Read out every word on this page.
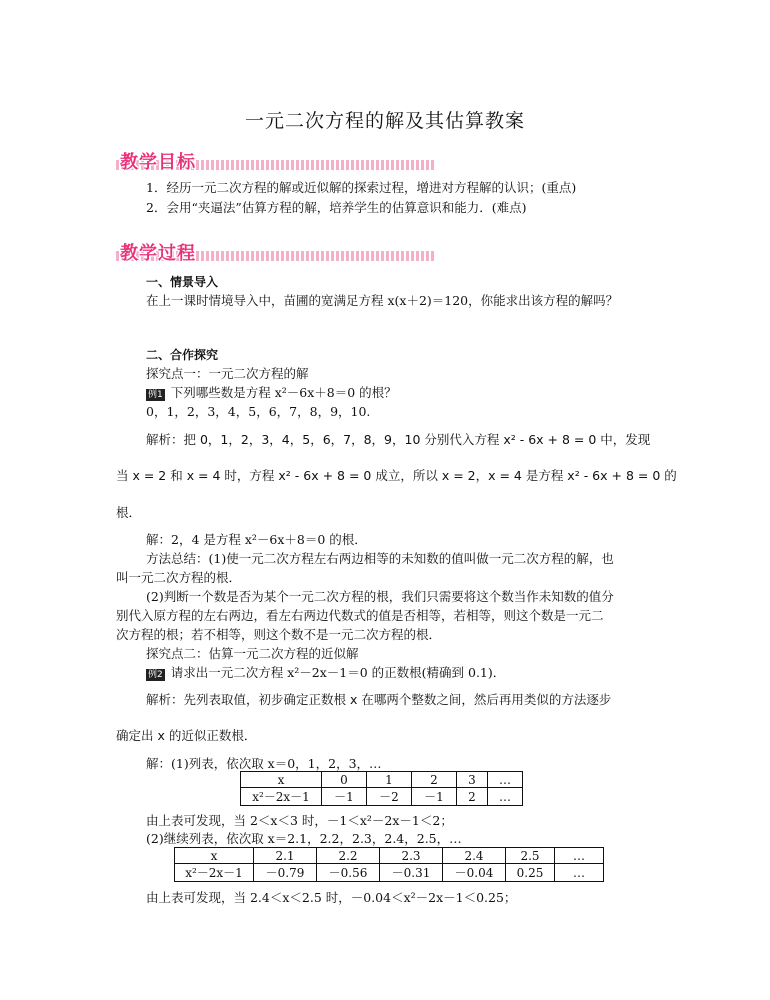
一元二次方程的解及其估算教案
教学目标
1．经历一元二次方程的解或近似解的探索过程，增进对方程解的认识；(重点)
2．会用“夹逼法”估算方程的解，培养学生的估算意识和能力．(难点)
教学过程
一、情景导入
在上一课时情境导入中，苗圃的宽满足方程 x(x＋2)＝120，你能求出该方程的解吗？
二、合作探究
探究点一：一元二次方程的解
例1 下列哪些数是方程 x²－6x＋8＝0 的根？
0，1，2，3，4，5，6，7，8，9，10.
解析：把 0，1，2，3，4，5，6，7，8，9，10 分别代入方程 x² - 6x + 8 = 0 中，发现
当 x = 2 和 x = 4 时，方程 x² - 6x + 8 = 0 成立，所以 x = 2，x = 4 是方程 x² - 6x + 8 = 0 的
根．
解：2，4 是方程 x²－6x＋8＝0 的根．
方法总结：(1)使一元二次方程左右两边相等的未知数的值叫做一元二次方程的解，也
叫一元二次方程的根．
(2)判断一个数是否为某个一元二次方程的根，我们只需要将这个数当作未知数的值分
别代入原方程的左右两边，看左右两边代数式的值是否相等，若相等，则这个数是一元二
次方程的根；若不相等，则这个数不是一元二次方程的根．
探究点二：估算一元二次方程的近似解
例2 请求出一元二次方程 x²－2x－1＝0 的正数根(精确到 0.1)．
解析：先列表取值，初步确定正数根 x 在哪两个整数之间，然后再用类似的方法逐步
确定出 x 的近似正数根．
解：(1)列表，依次取 x＝0，1，2，3，…
x	0	1	2	3	…
x²－2x－1	－1	－2	－1	2	…
由上表可发现，当 2＜x＜3 时，－1＜x²－2x－1＜2；
(2)继续列表，依次取 x＝2.1，2.2，2.3，2.4，2.5，…
x	2.1	2.2	2.3	2.4	2.5	…
x²－2x－1	－0.79	－0.56	－0.31	－0.04	0.25	…
由上表可发现，当 2.4＜x＜2.5 时，－0.04＜x²－2x－1＜0.25；
